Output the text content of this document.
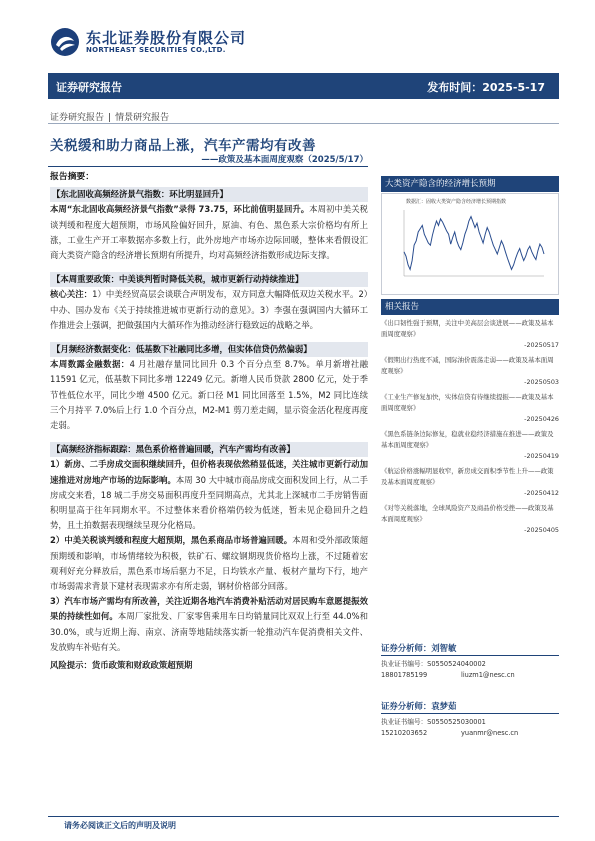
东北证券股份有限公司
NORTHEAST SECURITIES CO.,LTD.
证券研究报告	发布时间：2025-5-17
证券研究报告 | 情景研究报告
关税缓和助力商品上涨，汽车产需均有改善
——政策及基本面周度观察（2025/5/17）
报告摘要：
【东北固收高频经济景气指数：环比明显回升】

本周“东北固收高频经济景气指数”录得 73.75，环比前值明显回升。本周初中美关税谈判缓和程度大超预期，市场风险偏好回升，原油、有色、黑色系大宗价格均有所上涨，工业生产开工率数据亦多数上行，此外房地产市场亦边际回暖，整体来看假设汇商大类资产隐含的经济增长预期有所提升，均对高频经济指数形成边际支撑。

【本周重要政策：中美谈判暂时降低关税，城市更新行动持续推进】

核心关注：1）中美经贸高层会谈联合声明发布，双方同意大幅降低双边关税水平。2）中办、国办发布《关于持续推进城市更新行动的意见》。3）李强在强调国内大循环工作推进会上强调，把做强国内大循环作为推动经济行稳致远的战略之举。

【月频经济数据变化：低基数下社融同比多增，但实体信贷仍然偏弱】

本周数露金融数据：4 月社融存量同比回升 0.3 个百分点至 8.7%。单月新增社融 11591 亿元，低基数下同比多增 12249 亿元。新增人民币贷款 2800 亿元，处于季节性低位水平，同比少增 4500 亿元。新口径 M1 同比回落至 1.5%，M2 同比连续三个月持平 7.0%后上行 1.0 个百分点，M2-M1 剪刀差走阔，显示资金活化程度再度走弱。

【高频经济指标跟踪：黑色系价格普遍回暖，汽车产需均有改善】

1）新房、二手房成交面积继续回升，但价格表现依然稍显低迷，关注城市更新行动加速推进对房地产市场的边际影响。本周 30 大中城市商品房成交面积发回上行，从二手房成交来看，18 城二手房交易面积再度升至同期高点，尤其北上深城市二手房销售面积明显高于往年同期水平。不过整体来看价格端仍较为低迷，暂未见企稳回升之趋势，且土拍数据表现继续呈现分化格局。

2）中美关税谈判缓和程度大超预期，黑色系商品市场普遍回暖。本周和受外部政策超预期缓和影响，市场情绪较为积极，铁矿石、螺纹钢期现货价格均上涨，不过随着宏观利好充分释放后，黑色系市场后驱力不足，日均铁水产量、板材产量均下行，地产市场弱需求背景下建材表现需求亦有所走弱，钢材价格部分回落。

3）汽车市场产需均有所改善，关注近期各地汽车消费补贴活动对居民购车意愿提振效果的持续性如何。本周厂家批发、厂家零售乘用车日均销量同比双双上行至 44.0%和 30.0%，或与近期上海、南京、济南等地陆续落实新一轮推动汽车促消费相关文件、发放购车补贴有关。

风险提示：货币政策和财政政策超预期
大类资产隐含的经济增长预期
数据汇：固收大类资产隐含经济增长预期指数
相关报告
《出口韧性强于预期，关注中美高层会谈进展——政策及基本面周度观察》
-20250517
《假期出行热度不减，国际油价震荡走弱——政策及基本面周度观察》
-20250503
《工业生产修复加快，实体信贷有待继续提振——政策及基本面周度观察》
-20250426
《黑色系链条边际修复，稳就业稳经济措施在推进——政策及基本面周度观察》
-20250419
《航运价格涨幅明显收窄，新房成交面积季节性上升——政策及基本面周度观察》
-20250412
《对等关税落地，全球风险资产及商品价格受挫——政策及基本面周度观察》
-20250405
证券分析师：刘智敏
执业证书编号：S0550524040002
18801785199	liuzm1@nesc.cn
证券分析师：袁梦茹
执业证书编号：S0550525030001
15210203652	yuanmr@nesc.cn
请务必阅读正文后的声明及说明
